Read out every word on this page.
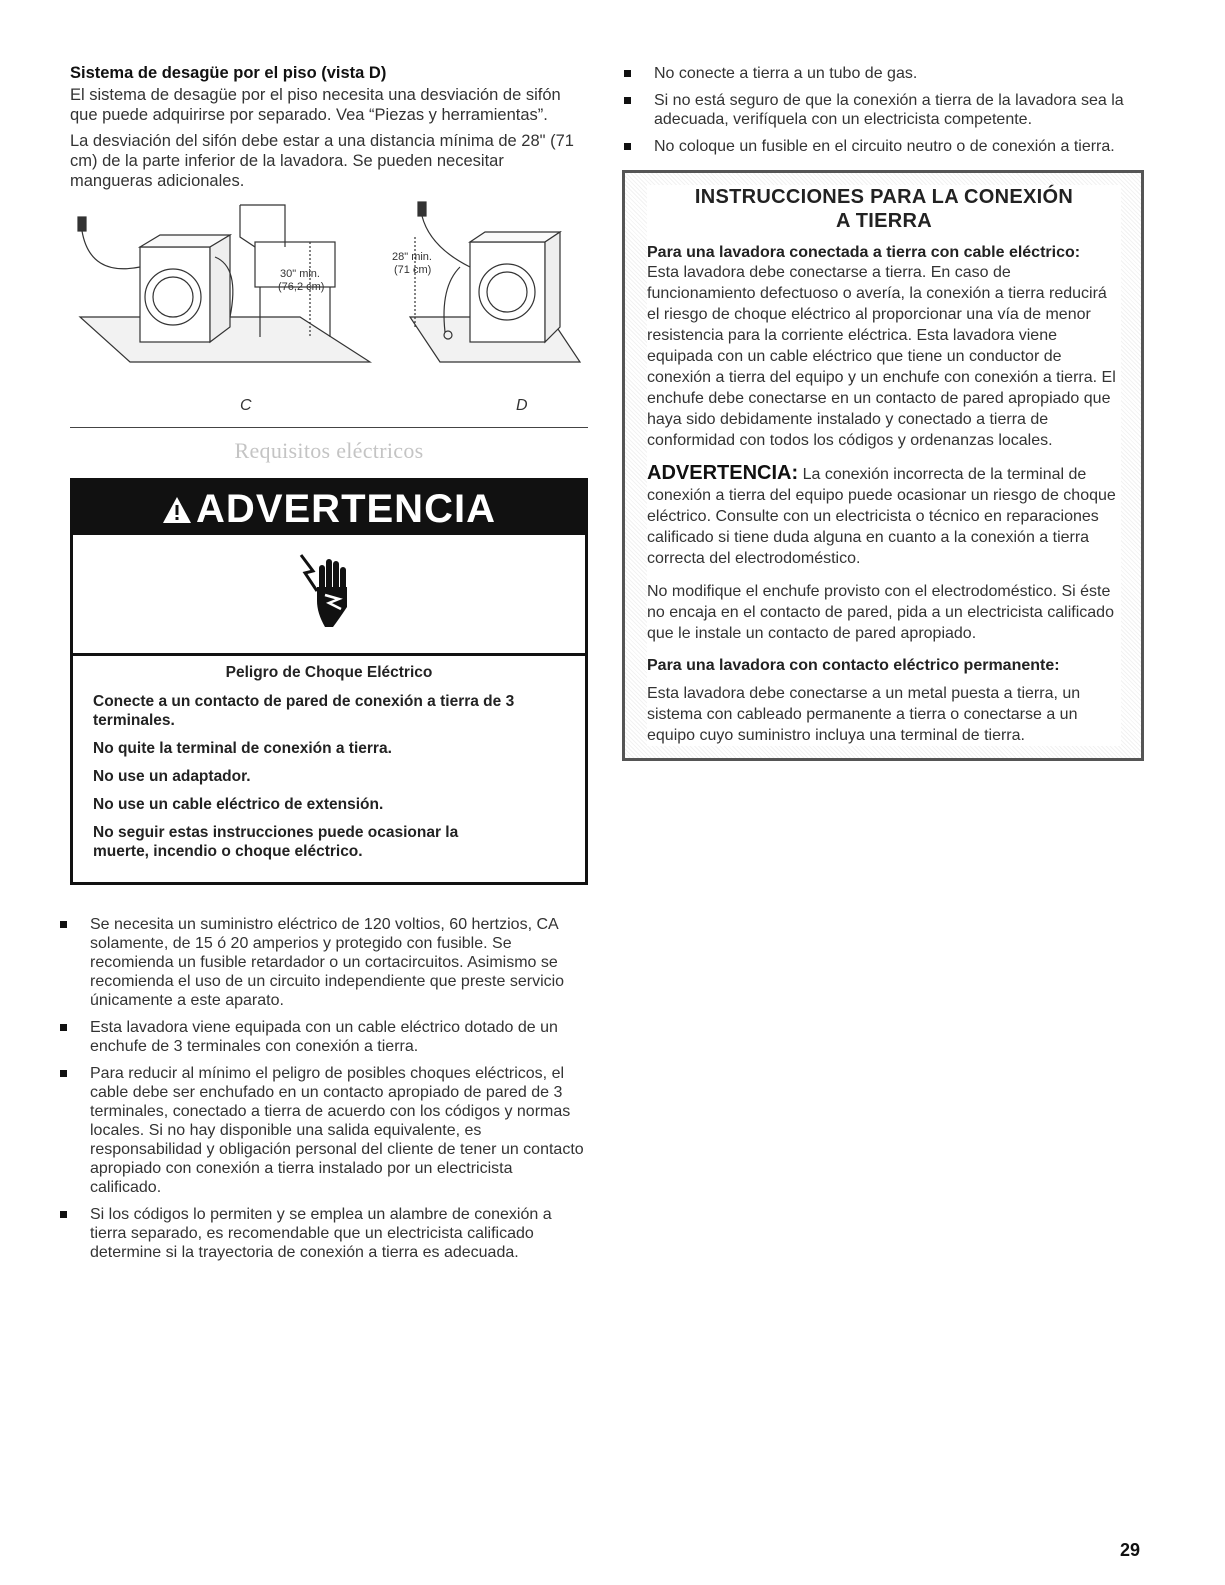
Sistema de desagüe por el piso (vista D)

El sistema de desagüe por el piso necesita una desviación de sifón que puede adquirirse por separado. Vea “Piezas y herramientas”.

La desviación del sifón debe estar a una distancia mínima de 28" (71 cm) de la parte inferior de la lavadora. Se pueden necesitar mangueras adicionales.

30" min.
(76,2 cm)
28" min.
(71 cm)
C	D
Requisitos eléctricos
ADVERTENCIA

Peligro de Choque Eléctrico

Conecte a un contacto de pared de conexión a tierra de 3 terminales.

No quite la terminal de conexión a tierra.

No use un adaptador.

No use un cable eléctrico de extensión.

No seguir estas instrucciones puede ocasionar la muerte, incendio o choque eléctrico.

Se necesita un suministro eléctrico de 120 voltios, 60 hertzios, CA solamente, de 15 ó 20 amperios y protegido con fusible. Se recomienda un fusible retardador o un cortacircuitos. Asimismo se recomienda el uso de un circuito independiente que preste servicio únicamente a este aparato.
Esta lavadora viene equipada con un cable eléctrico dotado de un enchufe de 3 terminales con conexión a tierra.
Para reducir al mínimo el peligro de posibles choques eléctricos, el cable debe ser enchufado en un contacto apropiado de pared de 3 terminales, conectado a tierra de acuerdo con los códigos y normas locales. Si no hay disponible una salida equivalente, es responsabilidad y obligación personal del cliente de tener un contacto apropiado con conexión a tierra instalado por un electricista calificado.
Si los códigos lo permiten y se emplea un alambre de conexión a tierra separado, es recomendable que un electricista calificado determine si la trayectoria de conexión a tierra es adecuada.
No conecte a tierra a un tubo de gas.
Si no está seguro de que la conexión a tierra de la lavadora sea la adecuada, verifíquela con un electricista competente.
No coloque un fusible en el circuito neutro o de conexión a tierra.
INSTRUCCIONES PARA LA CONEXIÓN
A TIERRA
Para una lavadora conectada a tierra con cable eléctrico:

Esta lavadora debe conectarse a tierra. En caso de funcionamiento defectuoso o avería, la conexión a tierra reducirá el riesgo de choque eléctrico al proporcionar una vía de menor resistencia para la corriente eléctrica. Esta lavadora viene equipada con un cable eléctrico que tiene un conductor de conexión a tierra del equipo y un enchufe con conexión a tierra. El enchufe debe conectarse en un contacto de pared apropiado que haya sido debidamente instalado y conectado a tierra de conformidad con todos los códigos y ordenanzas locales.

ADVERTENCIA: La conexión incorrecta de la terminal de conexión a tierra del equipo puede ocasionar un riesgo de choque eléctrico. Consulte con un electricista o técnico en reparaciones calificado si tiene duda alguna en cuanto a la conexión a tierra correcta del electrodoméstico.

No modifique el enchufe provisto con el electrodoméstico. Si éste no encaja en el contacto de pared, pida a un electricista calificado que le instale un contacto de pared apropiado.

Para una lavadora con contacto eléctrico permanente:

Esta lavadora debe conectarse a un metal puesta a tierra, un sistema con cableado permanente a tierra o conectarse a un equipo cuyo suministro incluya una terminal de tierra.

29
